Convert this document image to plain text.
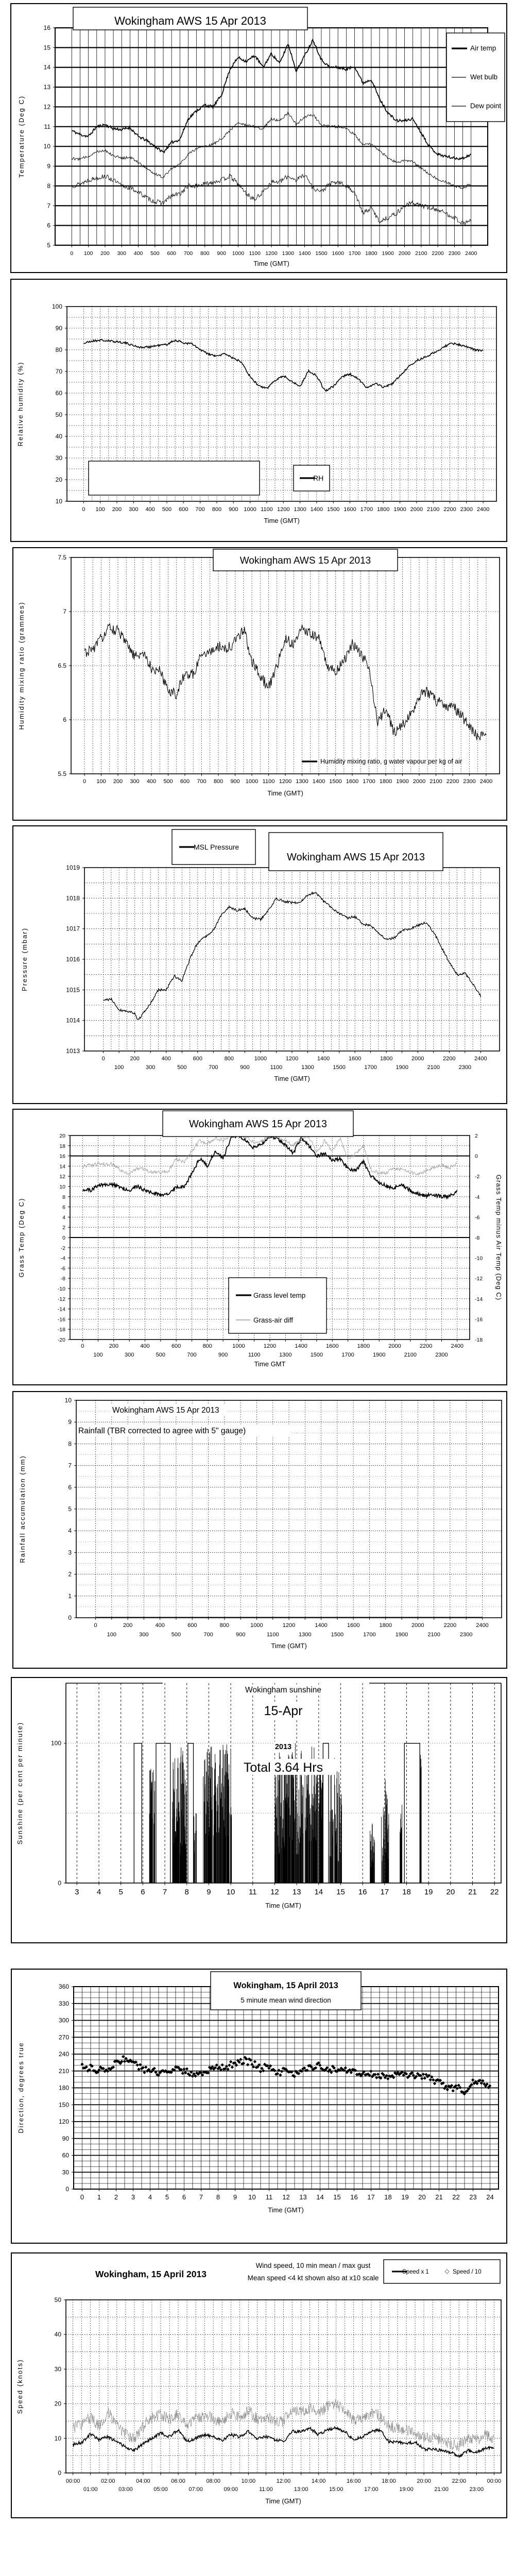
0 100 200 300 400 500 600 700 800 900 1000 1100 1200 1300 1400 1500 1600 1700 1800 1900 2000 2100 2200 2300 2400
5
6
7
8
9
10
11
12
13
14
15
16
Time (GMT)
Temperature (Deg C)
Wokingham AWS 15 Apr 2013
Air temp
Wet bulb
Dew point
0 100 200 300 400 500 600 700 800 900 1000 1100 1200 1300 1400 1500 1600 1700 1800 1900 2000 2100 2200 2300 2400
10
20
30
40
50
60
70
80
90
100
Time (GMT)
Relative humidity (%)
RH
0 100 200 300 400 500 600 700 800 900 1000 1100 1200 1300 1400 1500 1600 1700 1800 1900 2000 2100 2200 2300 2400
5.5
6
6.5
7
7.5
Time (GMT)
Humidity mixing ratio (grammes)
Wokingham AWS 15 Apr 2013
Humidity mixing ratio, g water vapour per kg of air
0	200	400	600	800	1000	1200	1400	1600	1800	2000	2200	2400
100	300	500	700	900	1100	1300	1500	1700	1900	2100	2300
1013
1014
1015
1016
1017
1018
1019
Time (GMT)
Pressure (mbar)
Wokingham AWS 15 Apr 2013
MSL Pressure
0	200	400	600	800	1000	1200	1400	1600	1800	2000	2200	2400
100	300	500	700	900	1100	1300	1500	1700	1900	2100	2300
-20
-18
-16
-14
-12
-10
-8
-6
-4
-2
0
2
4
6
8
10
12
14
16
18
20	2
0
-2
-4
-6
-8
-10
-12
-14
-16
-18
Time GMT
Grass Temp (Deg C)	Grass Temp minus Air Temp (Deg C)
Wokingham AWS 15 Apr 2013
Grass level temp
Grass-air diff
0	200	400	600	800	1000	1200	1400	1600	1800	2000	2200	2400
100	300	500	700	900	1100	1300	1500	1700	1900	2100	2300
0
1
2
3
4
5
6
7
8
9
10
Time (GMT)
Rainfall accumulation (mm)
Wokingham AWS 15 Apr 2013
Rainfall (TBR corrected to agree with 5" gauge)
3 4 5 6 7 8 9 10 11 12 13 14 15 16 17 18 19 20 21 22
0
100
Time (GMT)
Sunshine (per cent per minute)
Wokingham sunshine
15-Apr
2013
Total 3.64 Hrs
0 1 2 3 4 5 6 7 8 9 10 11 12 13 14 15 16 17 18 19 20 21 22 23 24
0
30
60
90
120
150
180
210
240
270
300
330
360
Time (GMT)
Direction, degrees true
Wokingham, 15 April 2013
5 minute mean wind direction
00:00	02:00	04:00	06:00	08:00	10:00	12:00	14:00	16:00	18:00	20:00	22:00	00:00
01:00	03:00	05:00	07:00	09:00	11:00	13:00	15:00	17:00	19:00	21:00	23:00
0
10
20
30
40
50
Time (GMT)
Speed (knots)
Wokingham, 15 April 2013
Wind speed, 10 min mean / max gust
Mean speed <4 kt shown also at x10 scale
Speed x 1	Speed / 10
